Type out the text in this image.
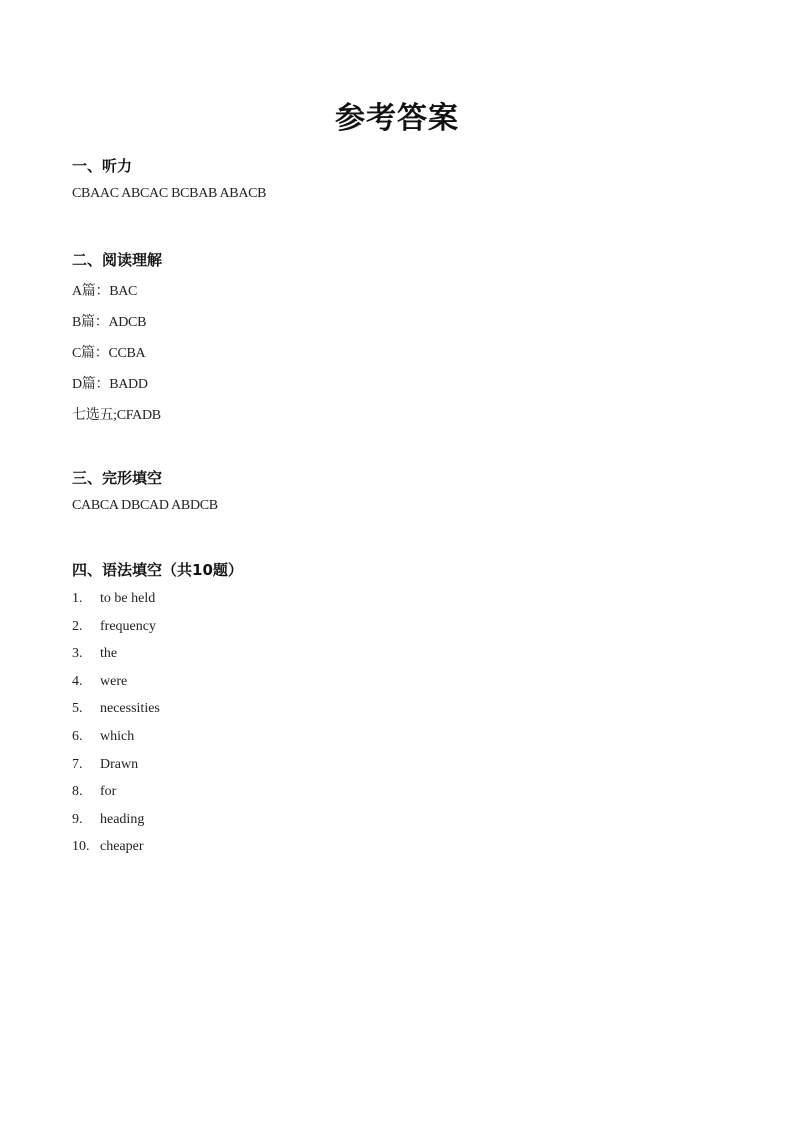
参考答案
一、听力
CBAAC ABCAC BCBAB ABACB
二、阅读理解
A篇：BAC
B篇：ADCB
C篇：CCBA
D篇：BADD
七选五;CFADB
三、完形填空
CABCA DBCAD ABDCB
四、语法填空（共10题）
1. to be held
2. frequency
3. the
4. were
5. necessities
6. which
7. Drawn
8. for
9. heading
10. cheaper
